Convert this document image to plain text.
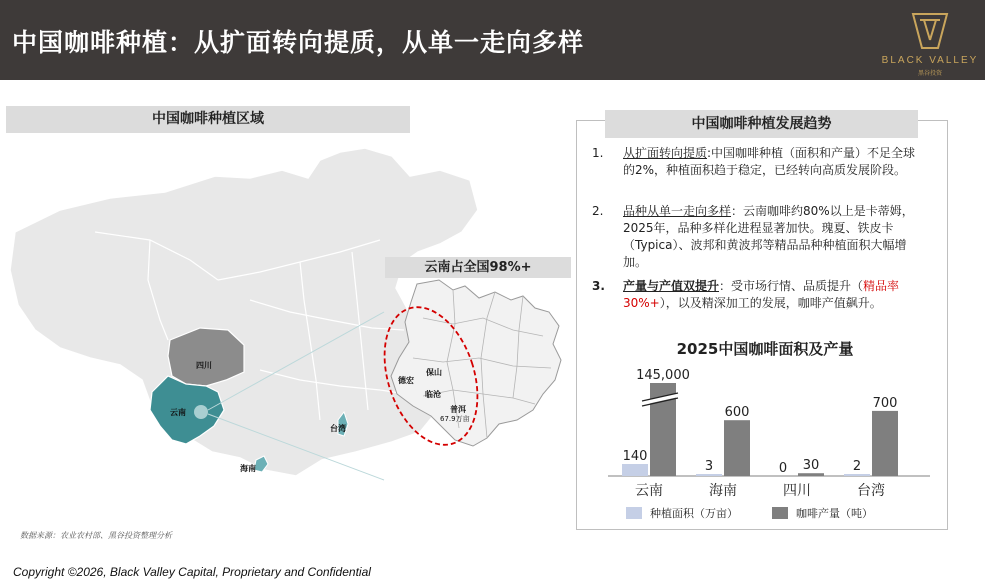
中国咖啡种植：从扩面转向提质，从单一走向多样
BLACK VALLEY
黑谷投资
中国咖啡种植区域
四川
云南
台湾
海南
云南占全国98%+
保山
德宏
临沧
普洱
67.9万亩
中国咖啡种植发展趋势
1.	从扩面转向提质:中国咖啡种植（面积和产量）不足全球的2%，种植面积趋于稳定，已经转向高质发展阶段。
2.	品种从单一走向多样：云南咖啡约80%以上是卡蒂姆，2025年，品种多样化进程显著加快。瑰夏、铁皮卡（Typica）、波邦和黄波邦等精品品种种植面积大幅增加。
3.	产量与产值双提升：受市场行情、品质提升（精品率30%+），以及精深加工的发展，咖啡产值飙升。
2025中国咖啡面积及产量
140
145,000
云南
3
600
海南
0 30
四川
2
700
台湾
种植面积（万亩）	咖啡产量（吨）
数据来源：农业农村部、黑谷投资整理分析
Copyright ©2026, Black Valley Capital, Proprietary and Confidential
